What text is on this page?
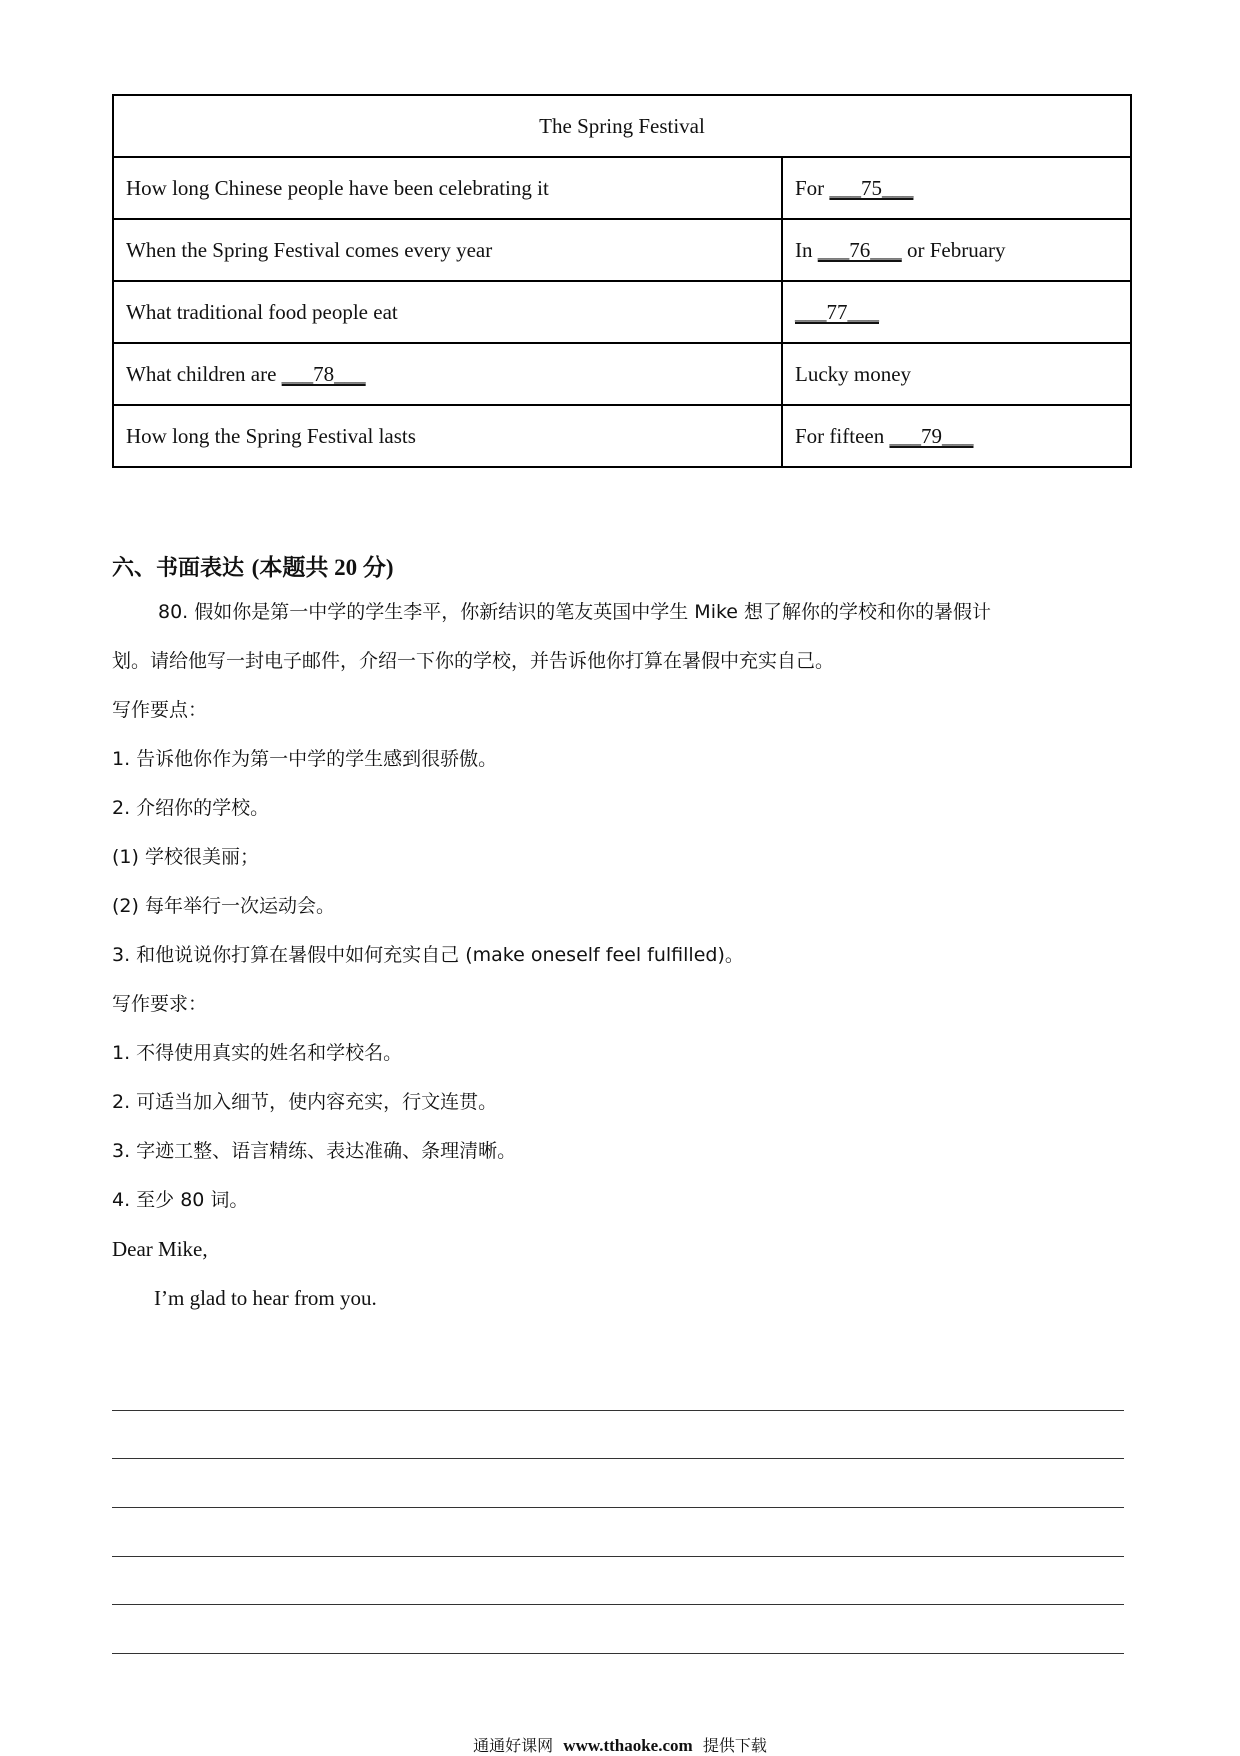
The Spring Festival	
How long Chinese people have been celebrating it	For ___75___
When the Spring Festival comes every year	In ___76___ or February
What traditional food people eat	___77___
What children are ___78___	Lucky money
How long the Spring Festival lasts	For fifteen ___79___
六、书面表达 (本题共 20 分)
80. 假如你是第一中学的学生李平，你新结识的笔友英国中学生 Mike 想了解你的学校和你的暑假计
划。请给他写一封电子邮件，介绍一下你的学校，并告诉他你打算在暑假中充实自己。
写作要点：
1. 告诉他你作为第一中学的学生感到很骄傲。
2. 介绍你的学校。
(1) 学校很美丽；
(2) 每年举行一次运动会。
3. 和他说说你打算在暑假中如何充实自己 (make oneself feel fulfilled)。
写作要求：
1. 不得使用真实的姓名和学校名。
2. 可适当加入细节，使内容充实，行文连贯。
3. 字迹工整、语言精练、表达准确、条理清晰。
4. 至少 80 词。
Dear Mike,
I’m glad to hear from you.
通通好课网 www.tthaoke.com 提供下载
